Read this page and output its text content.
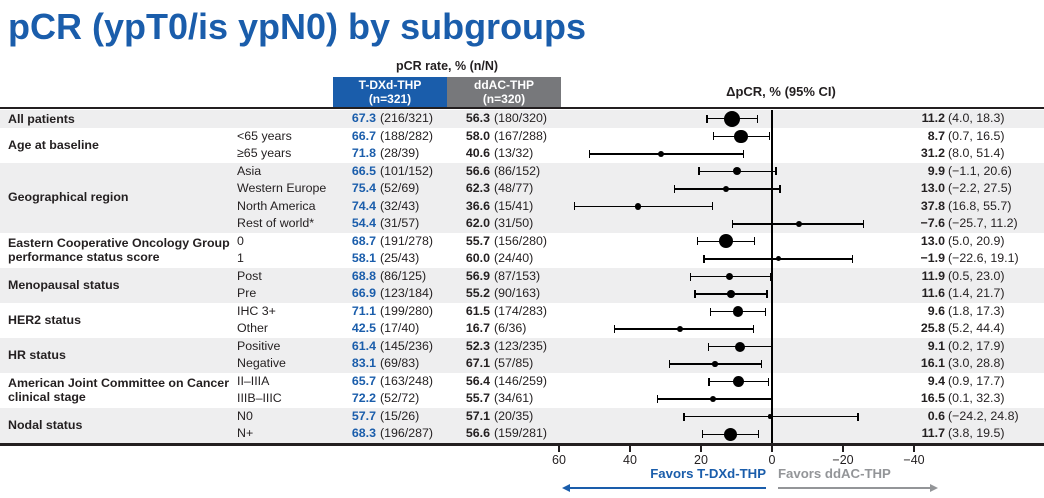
pCR (ypT0/is ypN0) by subgroups
pCR rate, % (n/N)
T-DXd-THP
(n=321)
ddAC-THP
(n=320)	ΔpCR, % (95% CI)
All patients	67.3 (216/321)	56.3 (180/320)	11.2 (4.0, 18.3)
Age at baseline
<65 years	66.7 (188/282)	58.0 (167/288)	8.7 (0.7, 16.5)
≥65 years	71.8 (28/39)	40.6 (13/32)	31.2 (8.0, 51.4)
Geographical region
Asia	66.5 (101/152)	56.6 (86/152)	9.9 (−1.1, 20.6)
Western Europe	75.4 (52/69)	62.3 (48/77)	13.0 (−2.2, 27.5)
North America	74.4 (32/43)	36.6 (15/41)	37.8 (16.8, 55.7)
Rest of world*	54.4 (31/57)	62.0 (31/50)	−7.6 (−25.7, 11.2)
Eastern Cooperative Oncology Group performance status score
0	68.7 (191/278)	55.7 (156/280)	13.0 (5.0, 20.9)
1	58.1 (25/43)	60.0 (24/40)	−1.9 (−22.6, 19.1)
Menopausal status
Post	68.8 (86/125)	56.9 (87/153)	11.9 (0.5, 23.0)
Pre	66.9 (123/184)	55.2 (90/163)	11.6 (1.4, 21.7)
HER2 status
IHC 3+	71.1 (199/280)	61.5 (174/283)	9.6 (1.8, 17.3)
Other	42.5 (17/40)	16.7 (6/36)	25.8 (5.2, 44.4)
HR status
Positive	61.4 (145/236)	52.3 (123/235)	9.1 (0.2, 17.9)
Negative	83.1 (69/83)	67.1 (57/85)	16.1 (3.0, 28.8)
American Joint Committee on Cancer clinical stage
II–IIIA	65.7 (163/248)	56.4 (146/259)	9.4 (0.9, 17.7)
IIIB–IIIC	72.2 (52/72)	55.7 (34/61)	16.5 (0.1, 32.3)
Nodal status
N0	57.7 (15/26)	57.1 (20/35)	0.6 (−24.2, 24.8)
N+	68.3 (196/287)	56.6 (159/281)	11.7 (3.8, 19.5)
60	40	20	0	−20	−40
Favors T-DXd-THP Favors ddAC-THP
